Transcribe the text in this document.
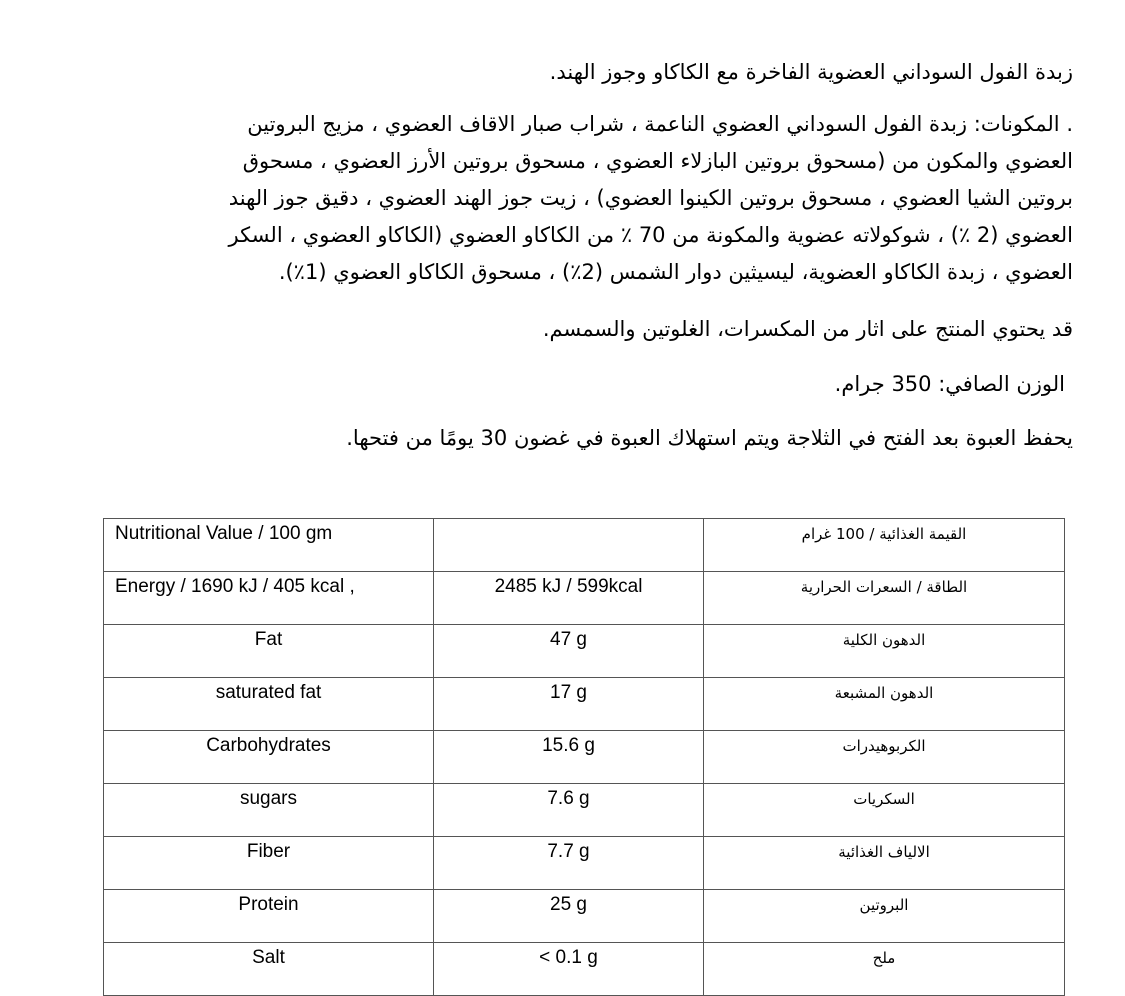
زبدة الفول السوداني العضوية الفاخرة مع الكاكاو وجوز الهند.
. المكونات: زبدة الفول السوداني العضوي الناعمة ، شراب صبار الاقاف العضوي ، مزيج البروتين
العضوي والمكون من (مسحوق بروتين البازلاء العضوي ، مسحوق بروتين الأرز العضوي ، مسحوق
بروتين الشيا العضوي ، مسحوق بروتين الكينوا العضوي) ، زيت جوز الهند العضوي ، دقيق جوز الهند
العضوي (2 ٪) ، شوكولاته عضوية والمكونة من 70 ٪ من الكاكاو العضوي (الكاكاو العضوي ، السكر
العضوي ، زبدة الكاكاو العضوية، ليسيثين دوار الشمس (2٪) ، مسحوق الكاكاو العضوي (1٪).
قد يحتوي المنتج على اثار من المكسرات، الغلوتين والسمسم.
الوزن الصافي: 350 جرام.
يحفظ العبوة بعد الفتح في الثلاجة ويتم استهلاك العبوة في غضون 30 يومًا من فتحها.
Nutritional Value / 100 gm		القيمة الغذائية / 100 غرام
Energy / 1690 kJ / 405 kcal ,	2485 kJ / 599kcal	الطاقة / السعرات الحرارية
Fat	47 g	الدهون الكلية
saturated fat	17 g	الدهون المشبعة
Carbohydrates	15.6 g	الكربوهيدرات
sugars	7.6 g	السكريات
Fiber	7.7 g	الالياف الغذائية
Protein	25 g	البروتين
Salt	< 0.1 g	ملح
